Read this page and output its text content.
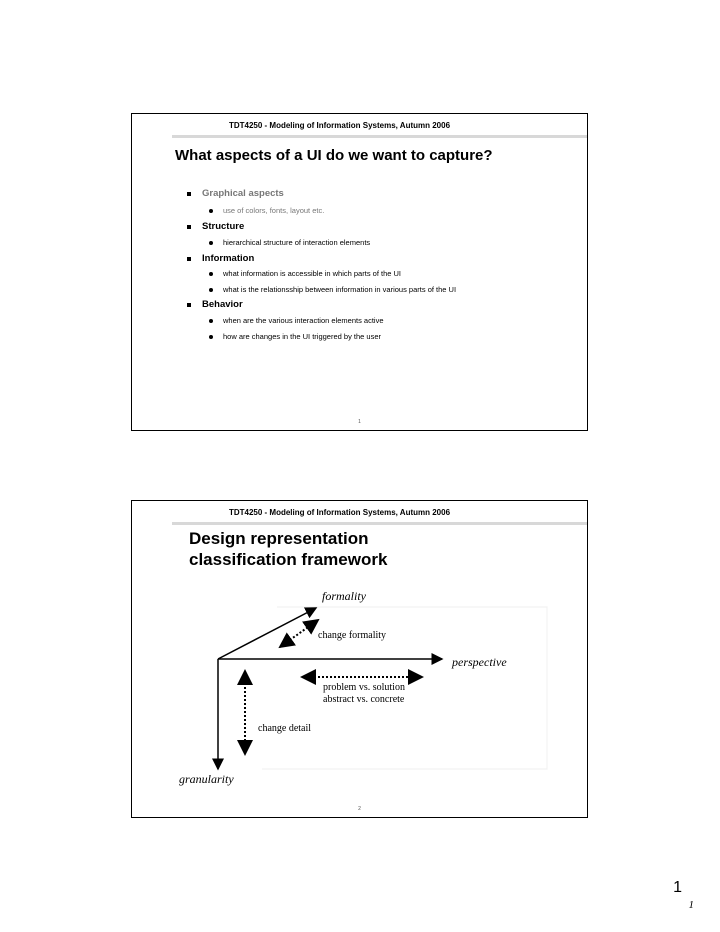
TDT4250 - Modeling of Information Systems, Autumn 2006
What aspects of a UI do we want to capture?
Graphical aspects
use of colors, fonts, layout etc.
Structure
hierarchical structure of interaction elements
Information
what information is accessible in which parts of the UI
what is the relationsship between information in various parts of the UI
Behavior
when are the various interaction elements active
how are changes in the UI triggered by the user
1
TDT4250 - Modeling of Information Systems, Autumn 2006
Design representation
classification framework
formality
change formality
perspective
problem vs. solution
abstract vs. concrete
change detail
granularity
2
1
1
